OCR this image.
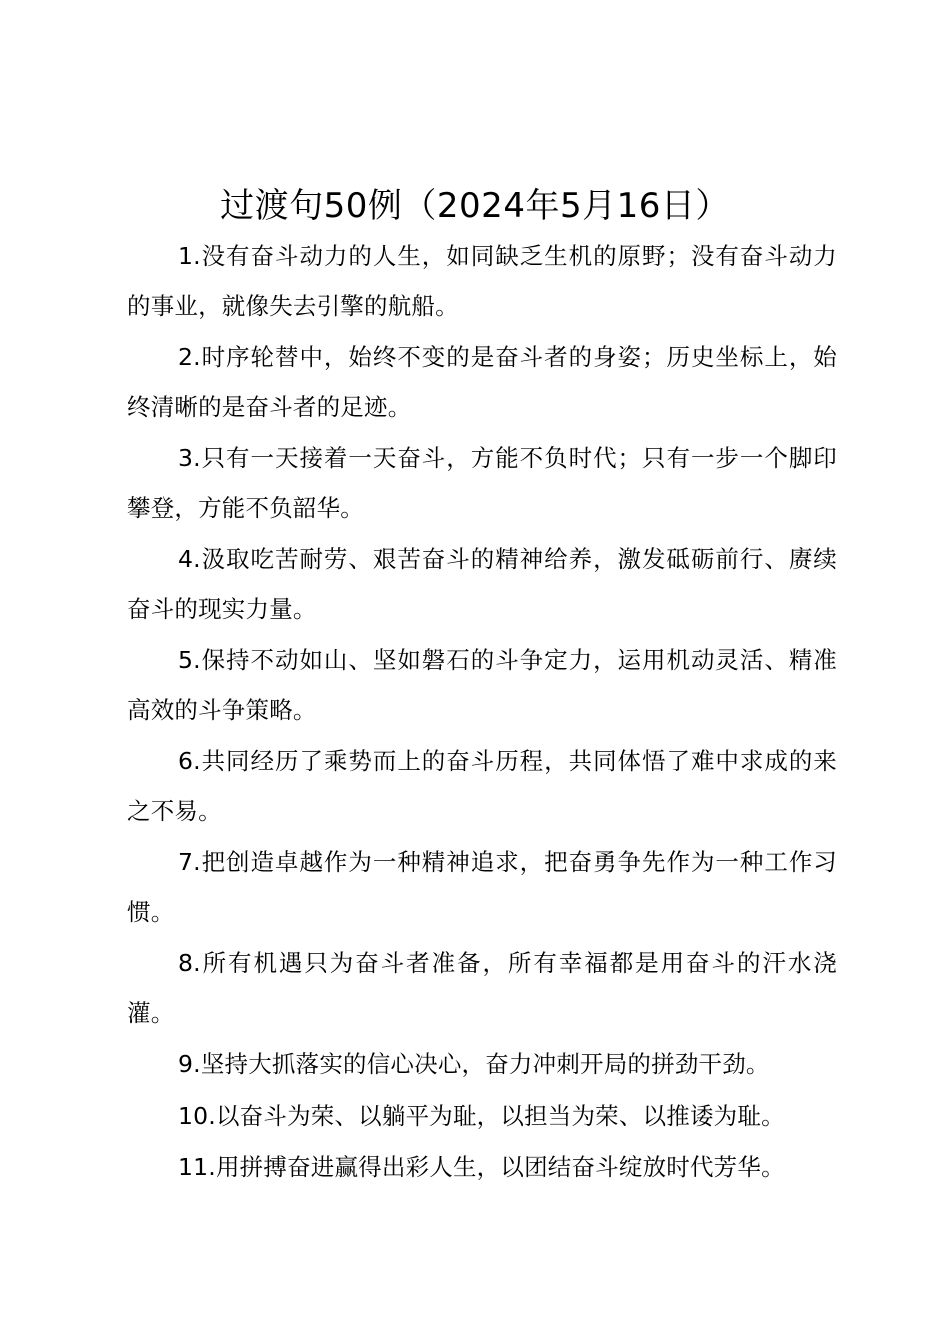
过渡句50例（2024年5月16日）

1.没有奋斗动力的人生，如同缺乏生机的原野；没有奋斗动力的事业，就像失去引擎的航船。

2.时序轮替中，始终不变的是奋斗者的身姿；历史坐标上，始终清晰的是奋斗者的足迹。

3.只有一天接着一天奋斗，方能不负时代；只有一步一个脚印攀登，方能不负韶华。

4.汲取吃苦耐劳、艰苦奋斗的精神给养，激发砥砺前行、赓续奋斗的现实力量。

5.保持不动如山、坚如磐石的斗争定力，运用机动灵活、精准高效的斗争策略。

6.共同经历了乘势而上的奋斗历程，共同体悟了难中求成的来之不易。

7.把创造卓越作为一种精神追求，把奋勇争先作为一种工作习惯。

8.所有机遇只为奋斗者准备，所有幸福都是用奋斗的汗水浇灌。

9.坚持大抓落实的信心决心，奋力冲刺开局的拼劲干劲。

10.以奋斗为荣、以躺平为耻，以担当为荣、以推诿为耻。

11.用拼搏奋进赢得出彩人生，以团结奋斗绽放时代芳华。
